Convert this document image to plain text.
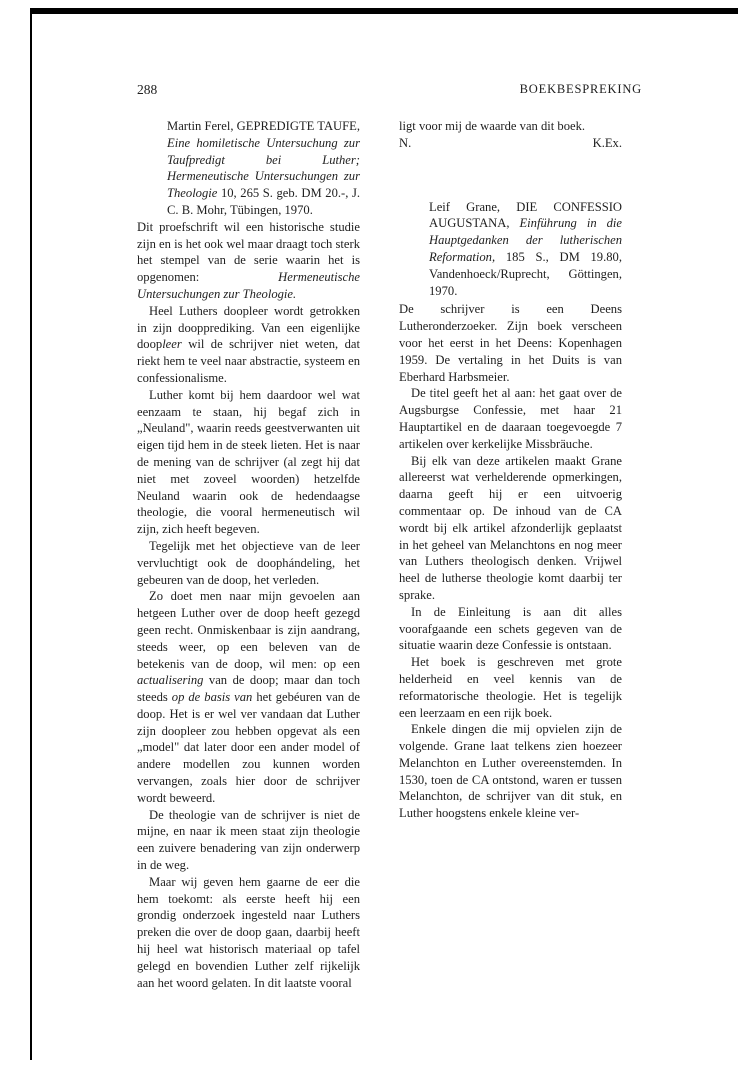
288	BOEKBESPREKING
Martin Ferel, GEPREDIGTE TAUFE, Eine homiletische Untersuchung zur Taufpredigt bei Luther; Hermeneutische Untersuchungen zur Theologie 10, 265 S. geb. DM 20.-, J. C. B. Mohr, Tübingen, 1970.

Dit proefschrift wil een historische studie zijn en is het ook wel maar draagt toch sterk het stempel van de serie waarin het is opgenomen: Hermeneutische Untersuchungen zur Theologie.

Heel Luthers doopleer wordt getrokken in zijn doopprediking. Van een eigenlijke doopleer wil de schrijver niet weten, dat riekt hem te veel naar abstractie, systeem en confessionalisme.

Luther komt bij hem daardoor wel wat eenzaam te staan, hij begaf zich in „Neuland", waarin reeds geestverwanten uit eigen tijd hem in de steek lieten. Het is naar de mening van de schrijver (al zegt hij dat niet met zoveel woorden) hetzelfde Neuland waarin ook de hedendaagse theologie, die vooral hermeneutisch wil zijn, zich heeft begeven.

Tegelijk met het objectieve van de leer vervluchtigt ook de doophándeling, het gebeuren van de doop, het verleden.

Zo doet men naar mijn gevoelen aan hetgeen Luther over de doop heeft gezegd geen recht. Onmiskenbaar is zijn aandrang, steeds weer, op een beleven van de betekenis van de doop, wil men: op een actualisering van de doop; maar dan toch steeds op de basis van het gebéuren van de doop. Het is er wel ver vandaan dat Luther zijn doopleer zou hebben opgevat als een „model" dat later door een ander model of andere modellen zou kunnen worden vervangen, zoals hier door de schrijver wordt beweerd.

De theologie van de schrijver is niet de mijne, en naar ik meen staat zijn theologie een zuivere benadering van zijn onderwerp in de weg.

Maar wij geven hem gaarne de eer die hem toekomt: als eerste heeft hij een grondig onderzoek ingesteld naar Luthers preken die over de doop gaan, daarbij heeft hij heel wat historisch materiaal op tafel gelegd en bovendien Luther zelf rijkelijk aan het woord gelaten. In dit laatste vooral

ligt voor mij de waarde van dit boek.

N.	K.Ex.
Leif Grane, DIE CONFESSIO AUGUSTANA, Einführung in die Hauptgedanken der lutherischen Reformation, 185 S., DM 19.80, Vandenhoeck/Ruprecht, Göttingen, 1970.

De schrijver is een Deens Lutheronderzoeker. Zijn boek verscheen voor het eerst in het Deens: Kopenhagen 1959. De vertaling in het Duits is van Eberhard Harbsmeier.

De titel geeft het al aan: het gaat over de Augsburgse Confessie, met haar 21 Hauptartikel en de daaraan toegevoegde 7 artikelen over kerkelijke Missbräuche.

Bij elk van deze artikelen maakt Grane allereerst wat verhelderende opmerkingen, daarna geeft hij er een uitvoerig commentaar op. De inhoud van de CA wordt bij elk artikel afzonderlijk geplaatst in het geheel van Melanchtons en nog meer van Luthers theologisch denken. Vrijwel heel de lutherse theologie komt daarbij ter sprake.

In de Einleitung is aan dit alles voorafgaande een schets gegeven van de situatie waarin deze Confessie is ontstaan.

Het boek is geschreven met grote helderheid en veel kennis van de reformatorische theologie. Het is tegelijk een leerzaam en een rijk boek.

Enkele dingen die mij opvielen zijn de volgende. Grane laat telkens zien hoezeer Melanchton en Luther overeenstemden. In 1530, toen de CA ontstond, waren er tussen Melanchton, de schrijver van dit stuk, en Luther hoogstens enkele kleine ver-
